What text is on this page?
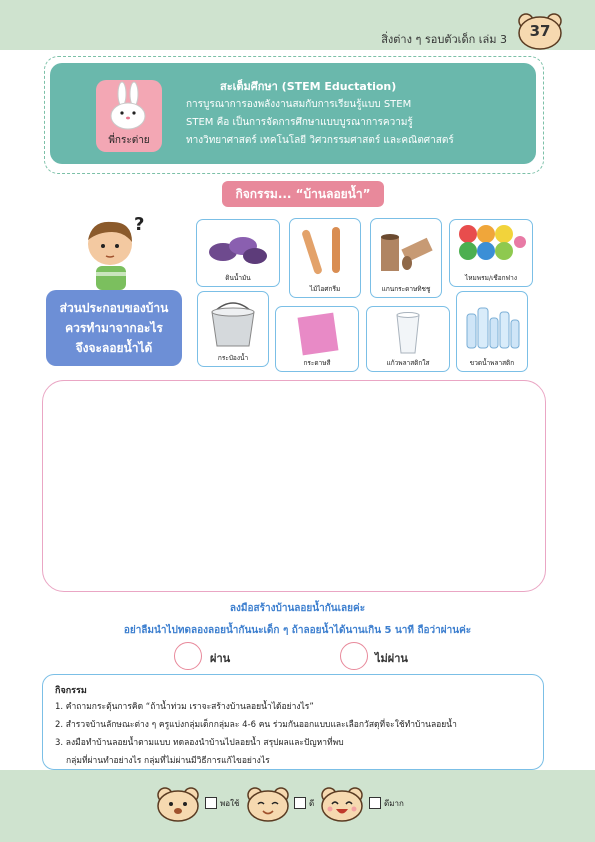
สิ่งต่าง ๆ รอบตัวเด็ก เล่ม 3	37
พี่กระต่าย
สะเต็มศึกษา (STEM Eductation)
การบูรณาการองพลังงานสมกับการเรียนรู้แบบ STEM
STEM คือ เป็นการจัดการศึกษาแบบบูรณาการความรู้
ทางวิทยาศาสตร์ เทคโนโลยี วิศวกรรมศาสตร์ และคณิตศาสตร์
กิจกรรม... “บ้านลอยน้ำ”
?
ส่วนประกอบของบ้าน
ควรทำมาจากอะไร
จึงจะลอยน้ำได้
ดินน้ำมัน
ไม้ไอศกรีม	แกนกระดาษทิชชู
ไหมพรม/เชือกฟาง
กระป๋องน้ำ
กระดาษสี	แก้วพลาสติกใส	ขวดน้ำพลาสติก
ลงมือสร้างบ้านลอยน้ำกันเลยค่ะ
อย่าลืมนำไปทดลองลอยน้ำกันนะเด็ก ๆ ถ้าลอยน้ำได้นานเกิน 5 นาที ถือว่าผ่านค่ะ
ผ่าน	ไม่ผ่าน
กิจกรรม
1. คำถามกระตุ้นการคิด “ถ้าน้ำท่วม เราจะสร้างบ้านลอยน้ำได้อย่างไร”
2. สำรวจบ้านลักษณะต่าง ๆ ครูแบ่งกลุ่มเด็กกลุ่มละ 4-6 คน ร่วมกันออกแบบและเลือกวัสดุที่จะใช้ทำบ้านลอยน้ำ
3. ลงมือทำบ้านลอยน้ำตามแบบ ทดลองนำบ้านไปลอยน้ำ สรุปผลและปัญหาที่พบ
กลุ่มที่ผ่านทำอย่างไร กลุ่มที่ไม่ผ่านมีวิธีการแก้ไขอย่างไร
พอใช้	ดี	ดีมาก
